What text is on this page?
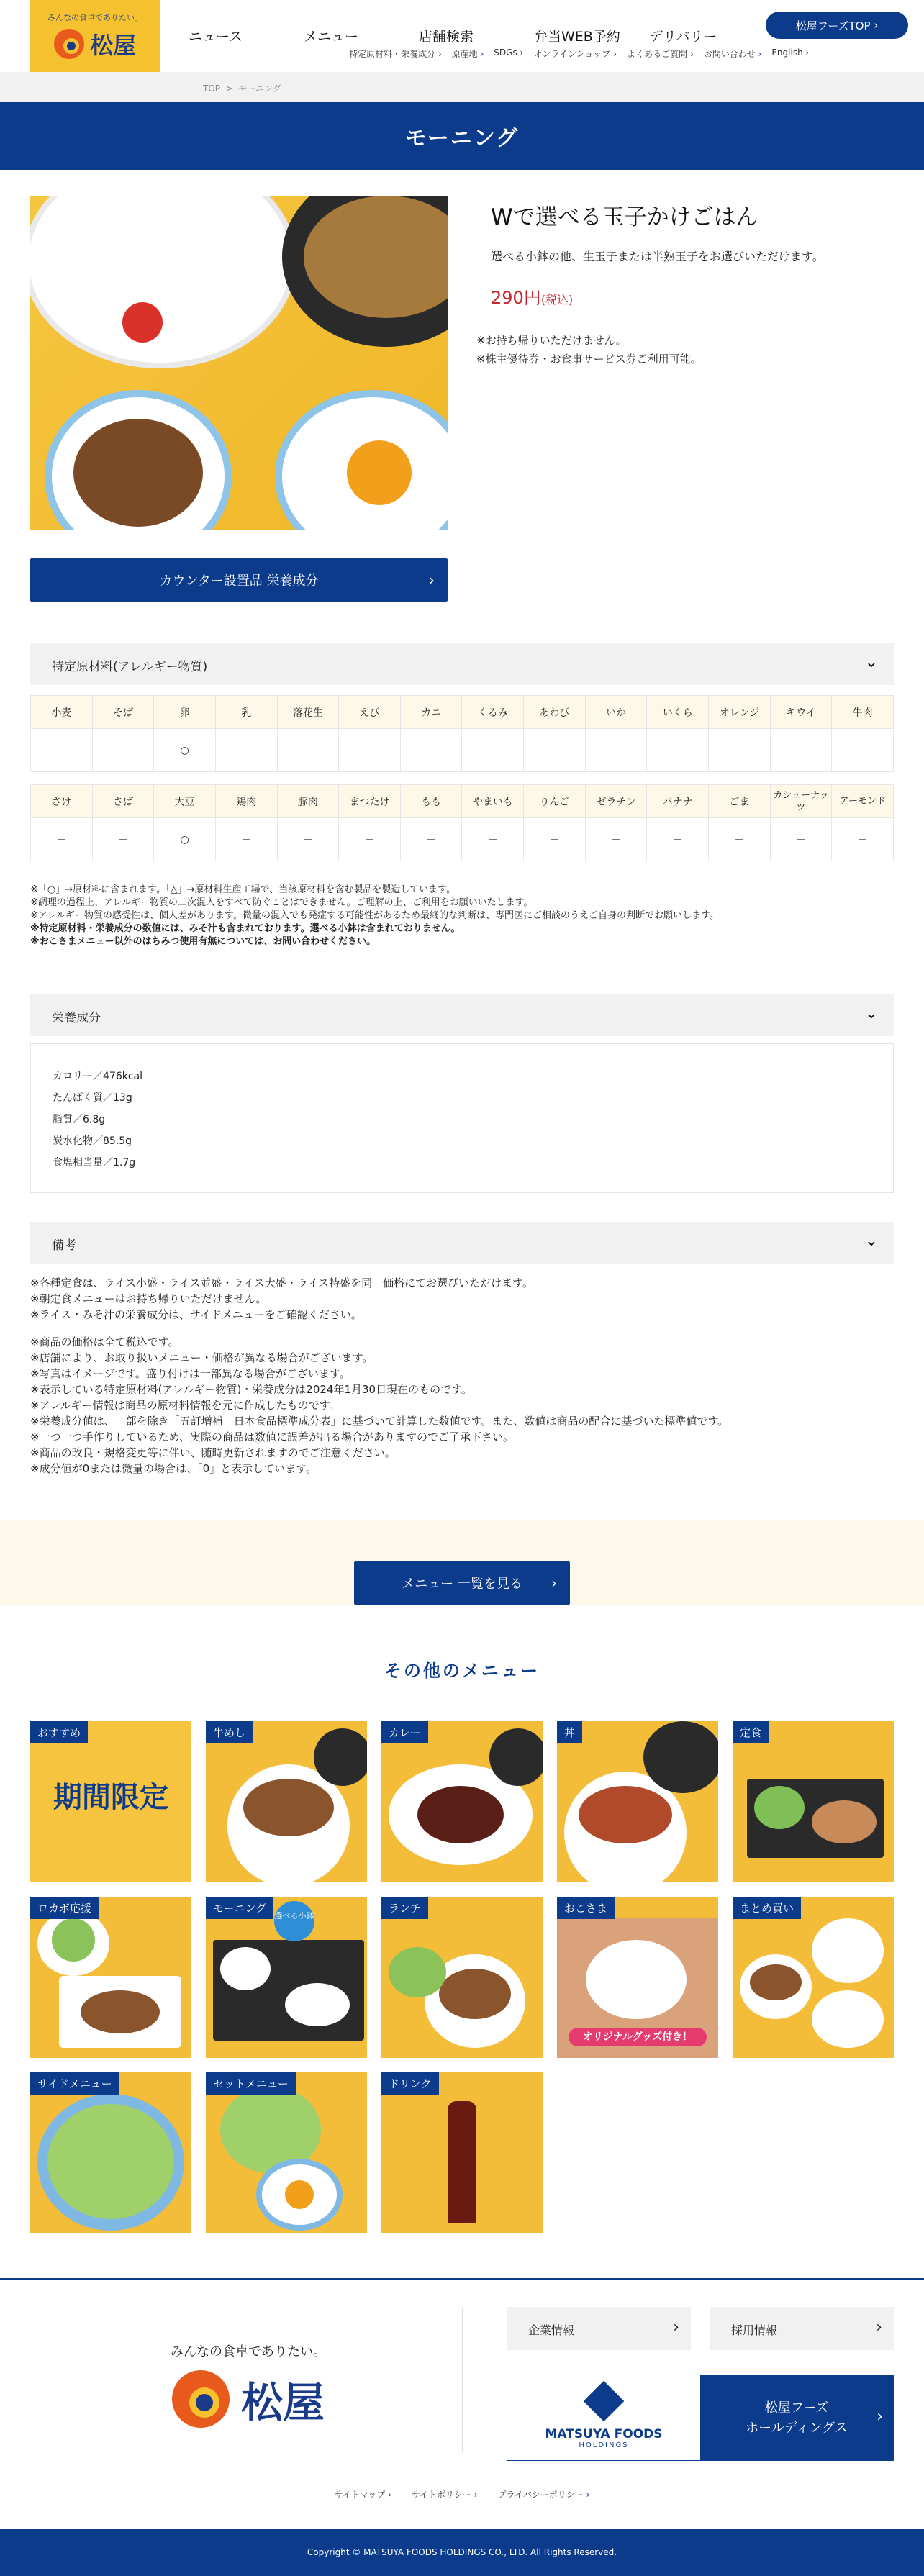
みんなの食卓でありたい。
松屋	ニュース	メニュー	店舗検索	弁当WEB予約	デリバリー
特定原材料・栄養成分 ›	原産地 ›	SDGs ›	オンラインショップ ›	よくあるご質問 ›	お問い合わせ ›	English ›
松屋フーズTOP
›
TOP > モーニング
モーニング
Wで選べる玉子かけごはん
選べる小鉢の他、生玉子または半熟玉子をお選びいただけます。
290円(税込)
※お持ち帰りいただけません。
※株主優待券・お食事サービス券ご利用可能。
カウンター設置品 栄養成分	›
特定原材料(アレルギー物質)	⌄
小麦	そば	卵	乳	落花生	えび	カニ	くるみ	あわび	いか	いくら	オレンジ	キウイ	牛肉
－	－	○	－	－	－	－	－	－	－	－	－	－	－
さけ	さば	大豆	鶏肉	豚肉	まつたけ	もも	やまいも	りんご	ゼラチン	バナナ	ごま	カシューナッツ	アーモンド
－	－	○	－	－	－	－	－	－	－	－	－	－	－
※「○」→原材料に含まれます。「△」→原材料生産工場で、当該原材料を含む製品を製造しています。
※調理の過程上、アレルギー物質の二次混入をすべて防ぐことはできません。ご理解の上、ご利用をお願いいたします。
※アレルギー物質の感受性は、個人差があります。微量の混入でも発症する可能性があるため最終的な判断は、専門医にご相談のうえご自身の判断でお願いします。
※特定原材料・栄養成分の数値には、みそ汁も含まれております。選べる小鉢は含まれておりません。
※おこさまメニュー以外のはちみつ使用有無については、お問い合わせください。
栄養成分	⌄
カロリー／476kcal
たんぱく質／13g
脂質／6.8g
炭水化物／85.5g
食塩相当量／1.7g
備考	⌄
※各種定食は、ライス小盛・ライス並盛・ライス大盛・ライス特盛を同一価格にてお選びいただけます。
※朝定食メニューはお持ち帰りいただけません。
※ライス・みそ汁の栄養成分は、サイドメニューをご確認ください。
※商品の価格は全て税込です。
※店舗により、お取り扱いメニュー・価格が異なる場合がございます。
※写真はイメージです。盛り付けは一部異なる場合がございます。
※表示している特定原材料(アレルギー物質)・栄養成分は2024年1月30日現在のものです。
※アレルギー情報は商品の原材料情報を元に作成したものです。
※栄養成分値は、一部を除き「五訂増補　日本食品標準成分表」に基づいて計算した数値です。また、数値は商品の配合に基づいた標準値です。
※一つ一つ手作りしているため、実際の商品は数値に誤差が出る場合がありますのでご了承下さい。
※商品の改良・規格変更等に伴い、随時更新されますのでご注意ください。
※成分値が0または微量の場合は、「0」と表示しています。
メニュー 一覧を見る ›
その他のメニュー
期間限定
おすすめ	牛めし	カレー	丼	定食
ロカボ応援
選べる小鉢
モーニング	ランチ
オリジナルグッズ付き！
おこさま	まとめ買い
サイドメニュー	セットメニュー	ドリンク
みんなの食卓でありたい。
松屋
企業情報 ›	採用情報 ›
MATSUYA FOODS
HOLDINGS
松屋フーズ
ホールディングス
›
サイトマップ ›	サイトポリシー ›	プライバシーポリシー ›
Copyright © MATSUYA FOODS HOLDINGS CO., LTD. All Rights Reserved.
